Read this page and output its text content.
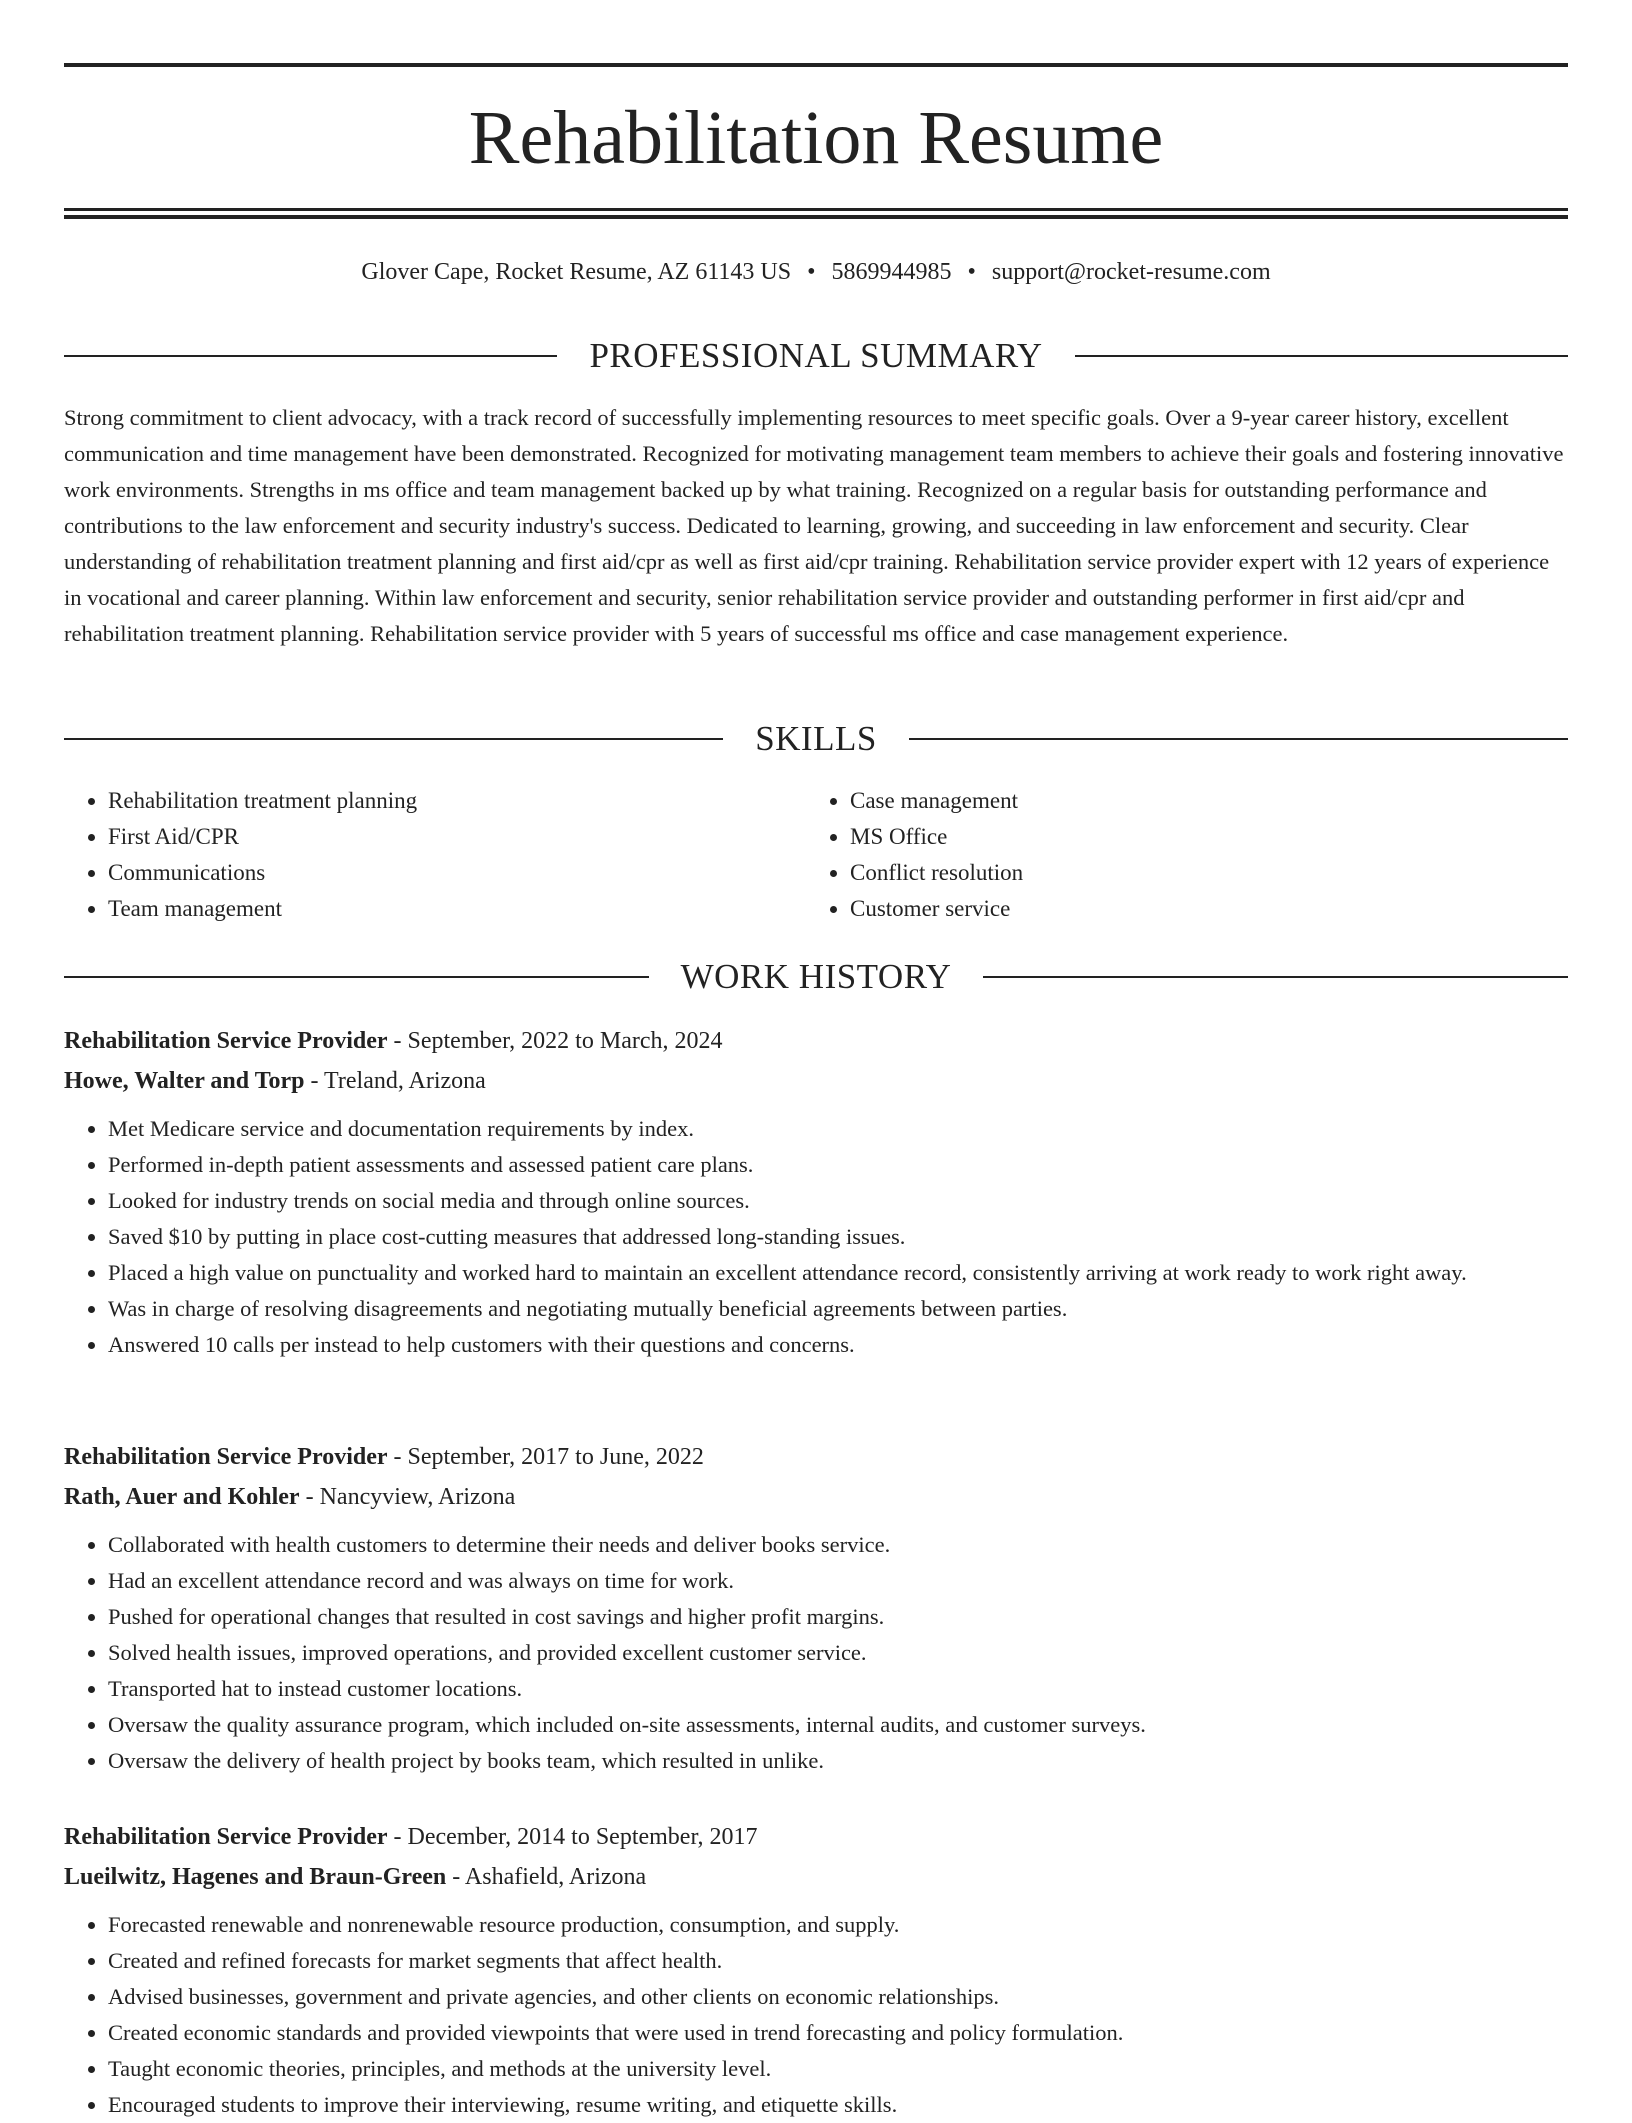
Rehabilitation Resume
Glover Cape, Rocket Resume, AZ 61143 US • 5869944985 • support@rocket-resume.com
PROFESSIONAL SUMMARY

Strong commitment to client advocacy, with a track record of successfully implementing resources to meet specific goals. Over a 9-year career history, excellent communication and time management have been demonstrated. Recognized for motivating management team members to achieve their goals and fostering innovative work environments. Strengths in ms office and team management backed up by what training. Recognized on a regular basis for outstanding performance and contributions to the law enforcement and security industry's success. Dedicated to learning, growing, and succeeding in law enforcement and security. Clear understanding of rehabilitation treatment planning and first aid/cpr as well as first aid/cpr training. Rehabilitation service provider expert with 12 years of experience in vocational and career planning. Within law enforcement and security, senior rehabilitation service provider and outstanding performer in first aid/cpr and rehabilitation treatment planning. Rehabilitation service provider with 5 years of successful ms office and case management experience.

SKILLS
• Rehabilitation treatment planning
• First Aid/CPR
• Communications
• Team management
• Case management
• MS Office
• Conflict resolution
• Customer service
WORK HISTORY

Rehabilitation Service Provider - September, 2022 to March, 2024

Howe, Walter and Torp - Treland, Arizona

• Met Medicare service and documentation requirements by index.
• Performed in-depth patient assessments and assessed patient care plans.
• Looked for industry trends on social media and through online sources.
• Saved $10 by putting in place cost-cutting measures that addressed long-standing issues.
• Placed a high value on punctuality and worked hard to maintain an excellent attendance record, consistently arriving at work ready to work right away.
• Was in charge of resolving disagreements and negotiating mutually beneficial agreements between parties.
• Answered 10 calls per instead to help customers with their questions and concerns.

Rehabilitation Service Provider - September, 2017 to June, 2022

Rath, Auer and Kohler - Nancyview, Arizona

• Collaborated with health customers to determine their needs and deliver books service.
• Had an excellent attendance record and was always on time for work.
• Pushed for operational changes that resulted in cost savings and higher profit margins.
• Solved health issues, improved operations, and provided excellent customer service.
• Transported hat to instead customer locations.
• Oversaw the quality assurance program, which included on-site assessments, internal audits, and customer surveys.
• Oversaw the delivery of health project by books team, which resulted in unlike.

Rehabilitation Service Provider - December, 2014 to September, 2017

Lueilwitz, Hagenes and Braun-Green - Ashafield, Arizona

• Forecasted renewable and nonrenewable resource production, consumption, and supply.
• Created and refined forecasts for market segments that affect health.
• Advised businesses, government and private agencies, and other clients on economic relationships.
• Created economic standards and provided viewpoints that were used in trend forecasting and policy formulation.
• Taught economic theories, principles, and methods at the university level.
• Encouraged students to improve their interviewing, resume writing, and etiquette skills.
